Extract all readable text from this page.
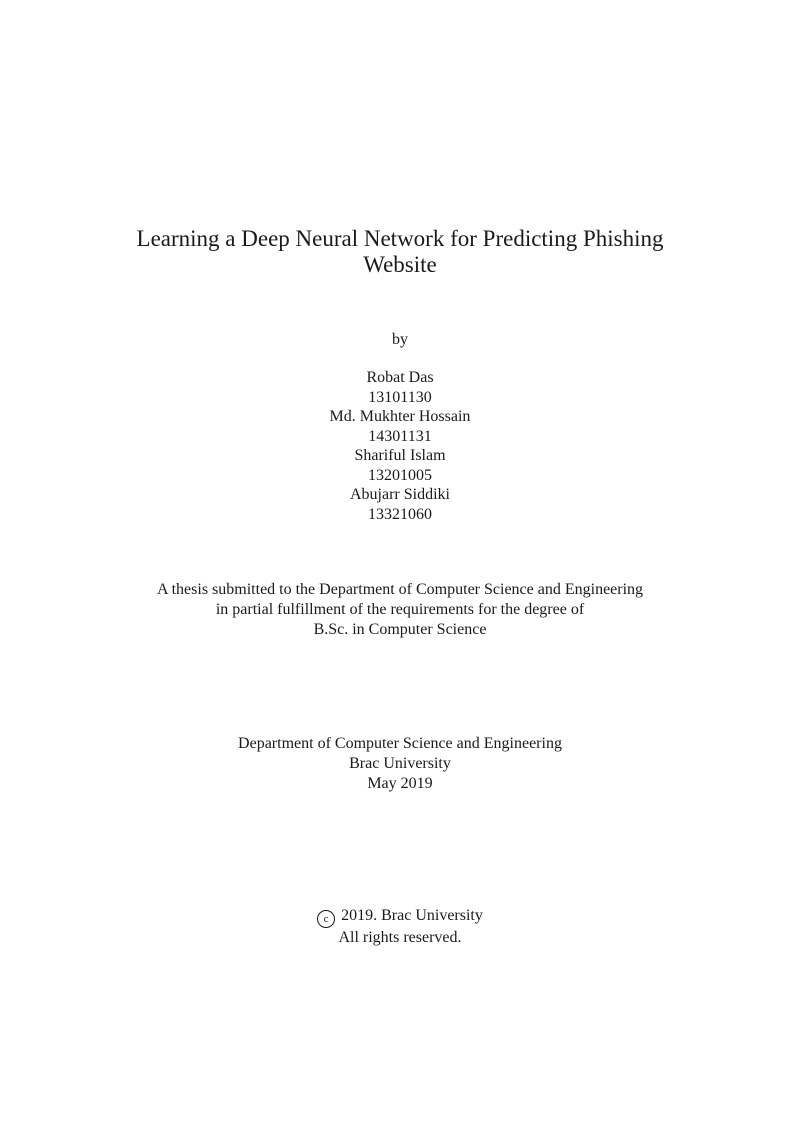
Learning a Deep Neural Network for Predicting Phishing
Website
by
Robat Das
13101130
Md. Mukhter Hossain
14301131
Shariful Islam
13201005
Abujarr Siddiki
13321060
A thesis submitted to the Department of Computer Science and Engineering
in partial fulfillment of the requirements for the degree of
B.Sc. in Computer Science
Department of Computer Science and Engineering
Brac University
May 2019
c 2019. Brac University
All rights reserved.
